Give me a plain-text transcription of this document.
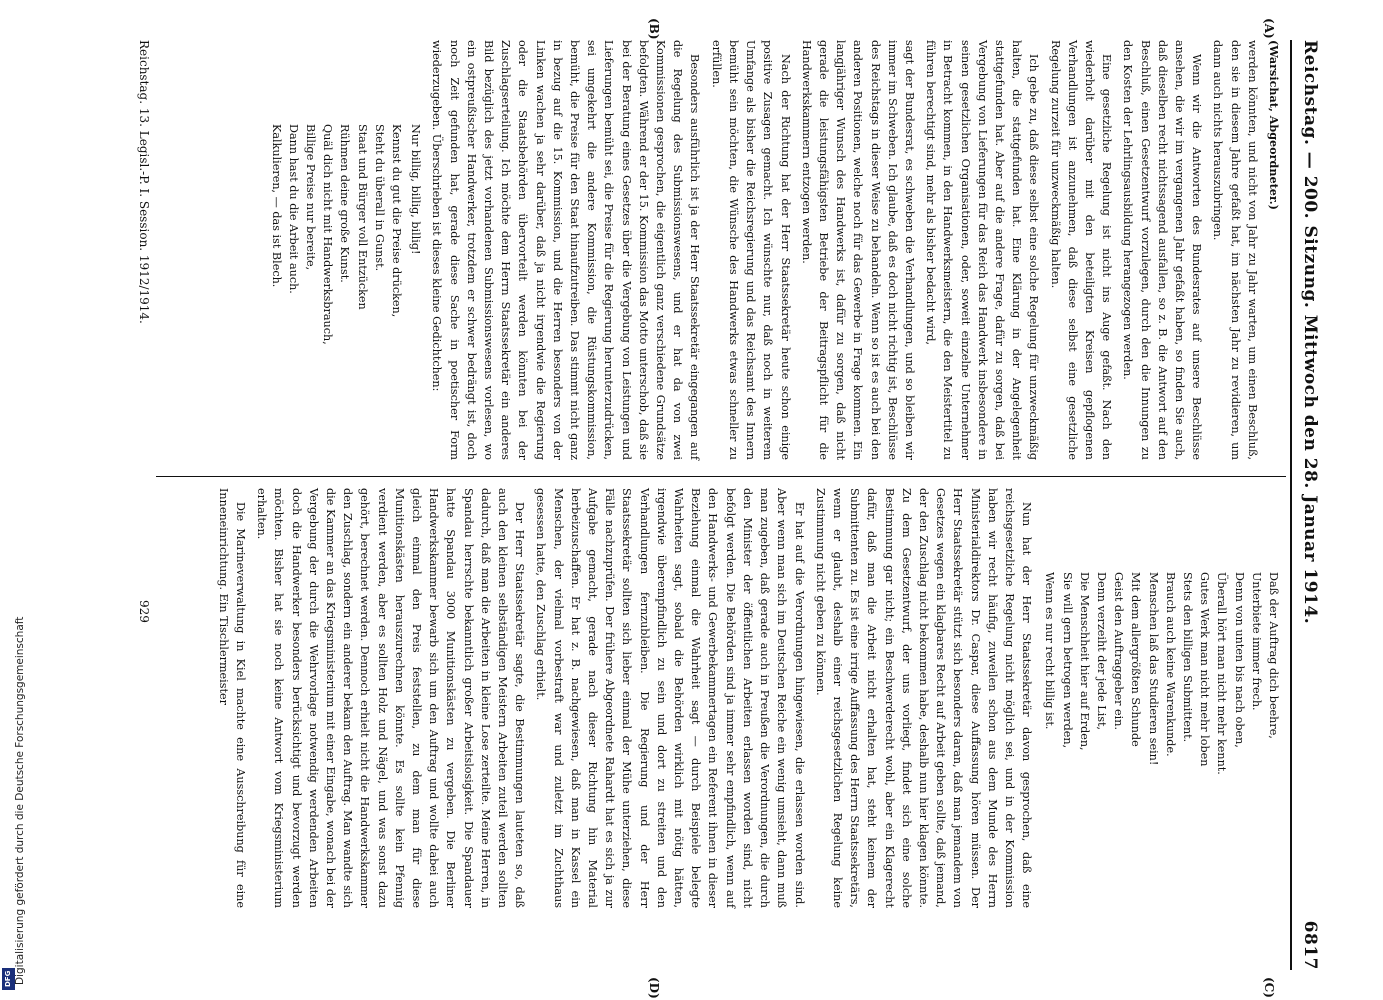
DFG Digitalisierung gefördert durch die Deutsche Forschungsgemeinschaft
Reichstag. — 200. Sitzung. Mittwoch den 28. Januar 1914.
6817
(A)
(B)
(C)
(D)

(Warsichat, Abgeordneter.)

werden könnten, und nicht von Jahr zu Jahr warten, um einen Beschluß, den sie in diesem Jahre gefaßt hat, im nächsten Jahr zu revidieren, um dann auch nichts herauszubringen.

Wenn wir die Antworten des Bundesrates auf unsere Beschlüsse ansehen, die wir im vergangenen Jahr gefaßt haben, so finden Sie auch, daß dieselben recht nichtssagend ausfallen, so z. B. die Antwort auf den Beschluß, einen Gesetzentwurf vorzulegen, durch den die Innungen zu den Kosten der Lehrlingsausbildung herangezogen werden.

Eine gesetzliche Regelung ist nicht ins Auge gefaßt. Nach den wiederholt darüber mit den beteiligten Kreisen gepflogenen Verhandlungen ist anzunehmen, daß diese selbst eine gesetzliche Regelung zurzeit für unzweckmäßig halten.

Ich gebe zu, daß diese selbst eine solche Regelung für unzweckmäßig halten, die stattgefunden hat. Eine Klärung in der Angelegenheit stattgefunden hat. Aber auf die andere Frage, dafür zu sorgen, daß bei Vergebung von Lieferungen für das Reich das Handwerk insbesondere in seinen gesetzlichen Organisationen, oder, soweit einzelne Unternehmer in Betracht kommen, in den Handwerksmeistern, die den Meistertitel zu führen berechtigt sind, mehr als bisher bedacht wird,

sagt der Bundesrat, es schweben die Verhandlungen, und so bleiben wir immer im Schweben. Ich glaube, daß es doch nicht richtig ist, Beschlüsse des Reichstags in dieser Weise zu behandeln. Wenn so ist es auch bei den anderen Positionen, welche noch für das Gewerbe in Frage kommen. Ein langjähriger Wunsch des Handwerks ist, dafür zu sorgen, daß nicht gerade die leistungsfähigsten Betriebe der Beitragspflicht für die Handwerkskammern entzogen werden.

Nach der Richtung hat der Herr Staatssekretär heute schon einige positive Zusagen gemacht. Ich wünschte nur, daß noch in weiterem Umfange als bisher die Reichsregierung und das Reichsamt des Innern bemüht sein möchten, die Wünsche des Handwerks etwas schneller zu erfüllen.

Besonders ausführlich ist ja der Herr Staatssekretär eingegangen auf die Regelung des Submissionswesens, und er hat da von zwei Kommissionen gesprochen, die eigentlich ganz verschiedene Grundsätze befolgten. Während er der 15. Kommission das Motto unterschob, daß sie bei der Beratung eines Gesetzes über die Vergebung von Leistungen und Lieferungen bemüht sei, die Preise für die Regierung herunterzudrücken, sei umgekehrt die andere Kommission, die Rüstungskommission, bemüht, die Preise für den Staat hinaufzutreiben. Das stimmt nicht ganz in bezug auf die 15. Kommission, und die Herren besonders von der Linken wachen ja sehr darüber, daß ja nicht irgendwie die Regierung oder die Staatsbehörden übervorteilt werden könnten bei der Zuschlagserteilung. Ich möchte dem Herrn Staatssekretär ein anderes Bild bezüglich des jetzt vorhandenen Submissionswesens vorlesen, wo ein ostpreußischer Handwerker, trotzdem er schwer bedrängt ist, doch noch Zeit gefunden hat, gerade diese Sache in poetischer Form wiederzugeben. Überschrieben ist dieses kleine Gedichtchen:

Nur billig, billig, billig!
Kennst du gut die Preise drücken,
Steht du überall in Gunst.
Staat und Bürger voll Entzücken
Rühmen deine große Kunst.
Quäl dich nicht mit Handwerksbrauch,
Billige Preise nur bereite,
Dann hast du die Arbeit auch.
Kalkulieren, — das ist Blech.
Daß der Auftrag dich beehre,
Unterbiete immer frech.
Denn von unten bis nach oben,
Überall hört man nicht mehr kennt.
Gutes Werk man nicht mehr loben
Stets den billigen Submittent.
Brauch auch keine Warenkunde.
Menschen laß das Studieren sein!
Mit dem allergrößten Schunde
Geist den Auftraggeber ein.
Denn verzeiht der jede List,
Die Menschheit hier auf Erden,
Sie will gern betrogen werden,
Wenn es nur recht billig ist.

Nun hat der Herr Staatssekretär davon gesprochen, daß eine reichsgesetzliche Regelung nicht möglich sei, und in der Kommission haben wir recht häufig, zuweilen schon aus dem Munde des Herrn Ministerialdirektors Dr. Caspar, diese Auffassung hören müssen. Der Herr Staatssekretär stützt sich besonders daran, daß man jemandem von Gesetzes wegen ein klagbares Recht auf Arbeit geben sollte, daß jemand, der den Zuschlag nicht bekommen habe, deshalb nun hier klagen könnte. Zu dem Gesetzentwurf, der uns vorliegt, findet sich eine solche Bestimmung gar nicht; ein Beschwerderecht wohl, aber ein Klagerecht dafür, daß man die Arbeit nicht erhalten hat, steht keinem der Submittenten zu. Es ist eine irrige Auffassung des Herrn Staatssekretärs, wenn er glaubt, deshalb einer reichsgesetzlichen Regelung keine Zustimmung nicht geben zu können.

Er hat auf die Verordnungen hingewiesen, die erlassen worden sind. Aber wenn man sich im Deutschen Reiche ein wenig umsieht, dann muß man zugeben, daß gerade auch in Preußen die Verordnungen, die durch den Minister der öffentlichen Arbeiten erlassen worden sind, nicht befolgt werden. Die Behörden sind ja immer sehr empfindlich, wenn auf den Handwerks- und Gewerbekammertagen ein Referent ihnen in dieser Beziehung einmal die Wahrheit sagt — durch Beispiele belegte Wahrheiten sagt, sobald die Behörden wirklich mit nötig hätten, irgendwie überempfindlich zu sein und dort zu streiten und den Verhandlungen fernzubleiben. Die Regierung und der Herr Staatssekretär sollten sich lieber einmal der Mühe unterziehen, diese Fälle nachzuprüfen. Der frühere Abgeordnete Rahardt hat es sich ja zur Aufgabe gemacht, gerade nach dieser Richtung hin Material herbeizuschaffen. Er hat z. B. nachgewiesen, daß man in Kassel ein Menschen, der vielmal vorbestraft war und zuletzt im Zuchthaus gesessen hatte, den Zuschlag erhielt.

Der Herr Staatssekretär sagte, die Bestimmungen lauteten so, daß auch den kleinen selbständigen Meistern Arbeiten zuteil werden sollten dadurch, daß man die Arbeiten in kleine Lose zerteilte. Meine Herren, in Spandau herrschte bekanntlich großer Arbeitslosigkeit. Die Spandauer hatte Spandau 3000 Munitionskästen zu vergeben. Die Berliner Handwerkskammer bewarb sich um den Auftrag und wollte dabei auch gleich einmal den Preis feststellen, zu dem man für diese Munitionskästen herauszurechnen könnte. Es sollte kein Pfennig verdient werden, aber es sollten Holz und Nägel, und was sonst dazu gehört, berechnet werden. Dennoch erhielt nicht die Handwerkskammer den Zuschlag, sondern ein anderer bekam den Auftrag. Man wandte sich die Kammer an das Kriegsministerium mit einer Eingabe, wonach bei der Vergebung der durch die Wehrvorlage notwendig werdenden Arbeiten doch die Handwerker besonders berücksichtigt und bevorzugt werden möchten. Bisher hat sie noch keine Antwort vom Kriegsministerium erhalten.

Die Marineverwaltung in Kiel machte eine Ausschreibung für eine Inneneinrichtung. Ein Tischlermeister

Reichstag. 13. Legisl.-P. I. Session. 1912/1914.
929
